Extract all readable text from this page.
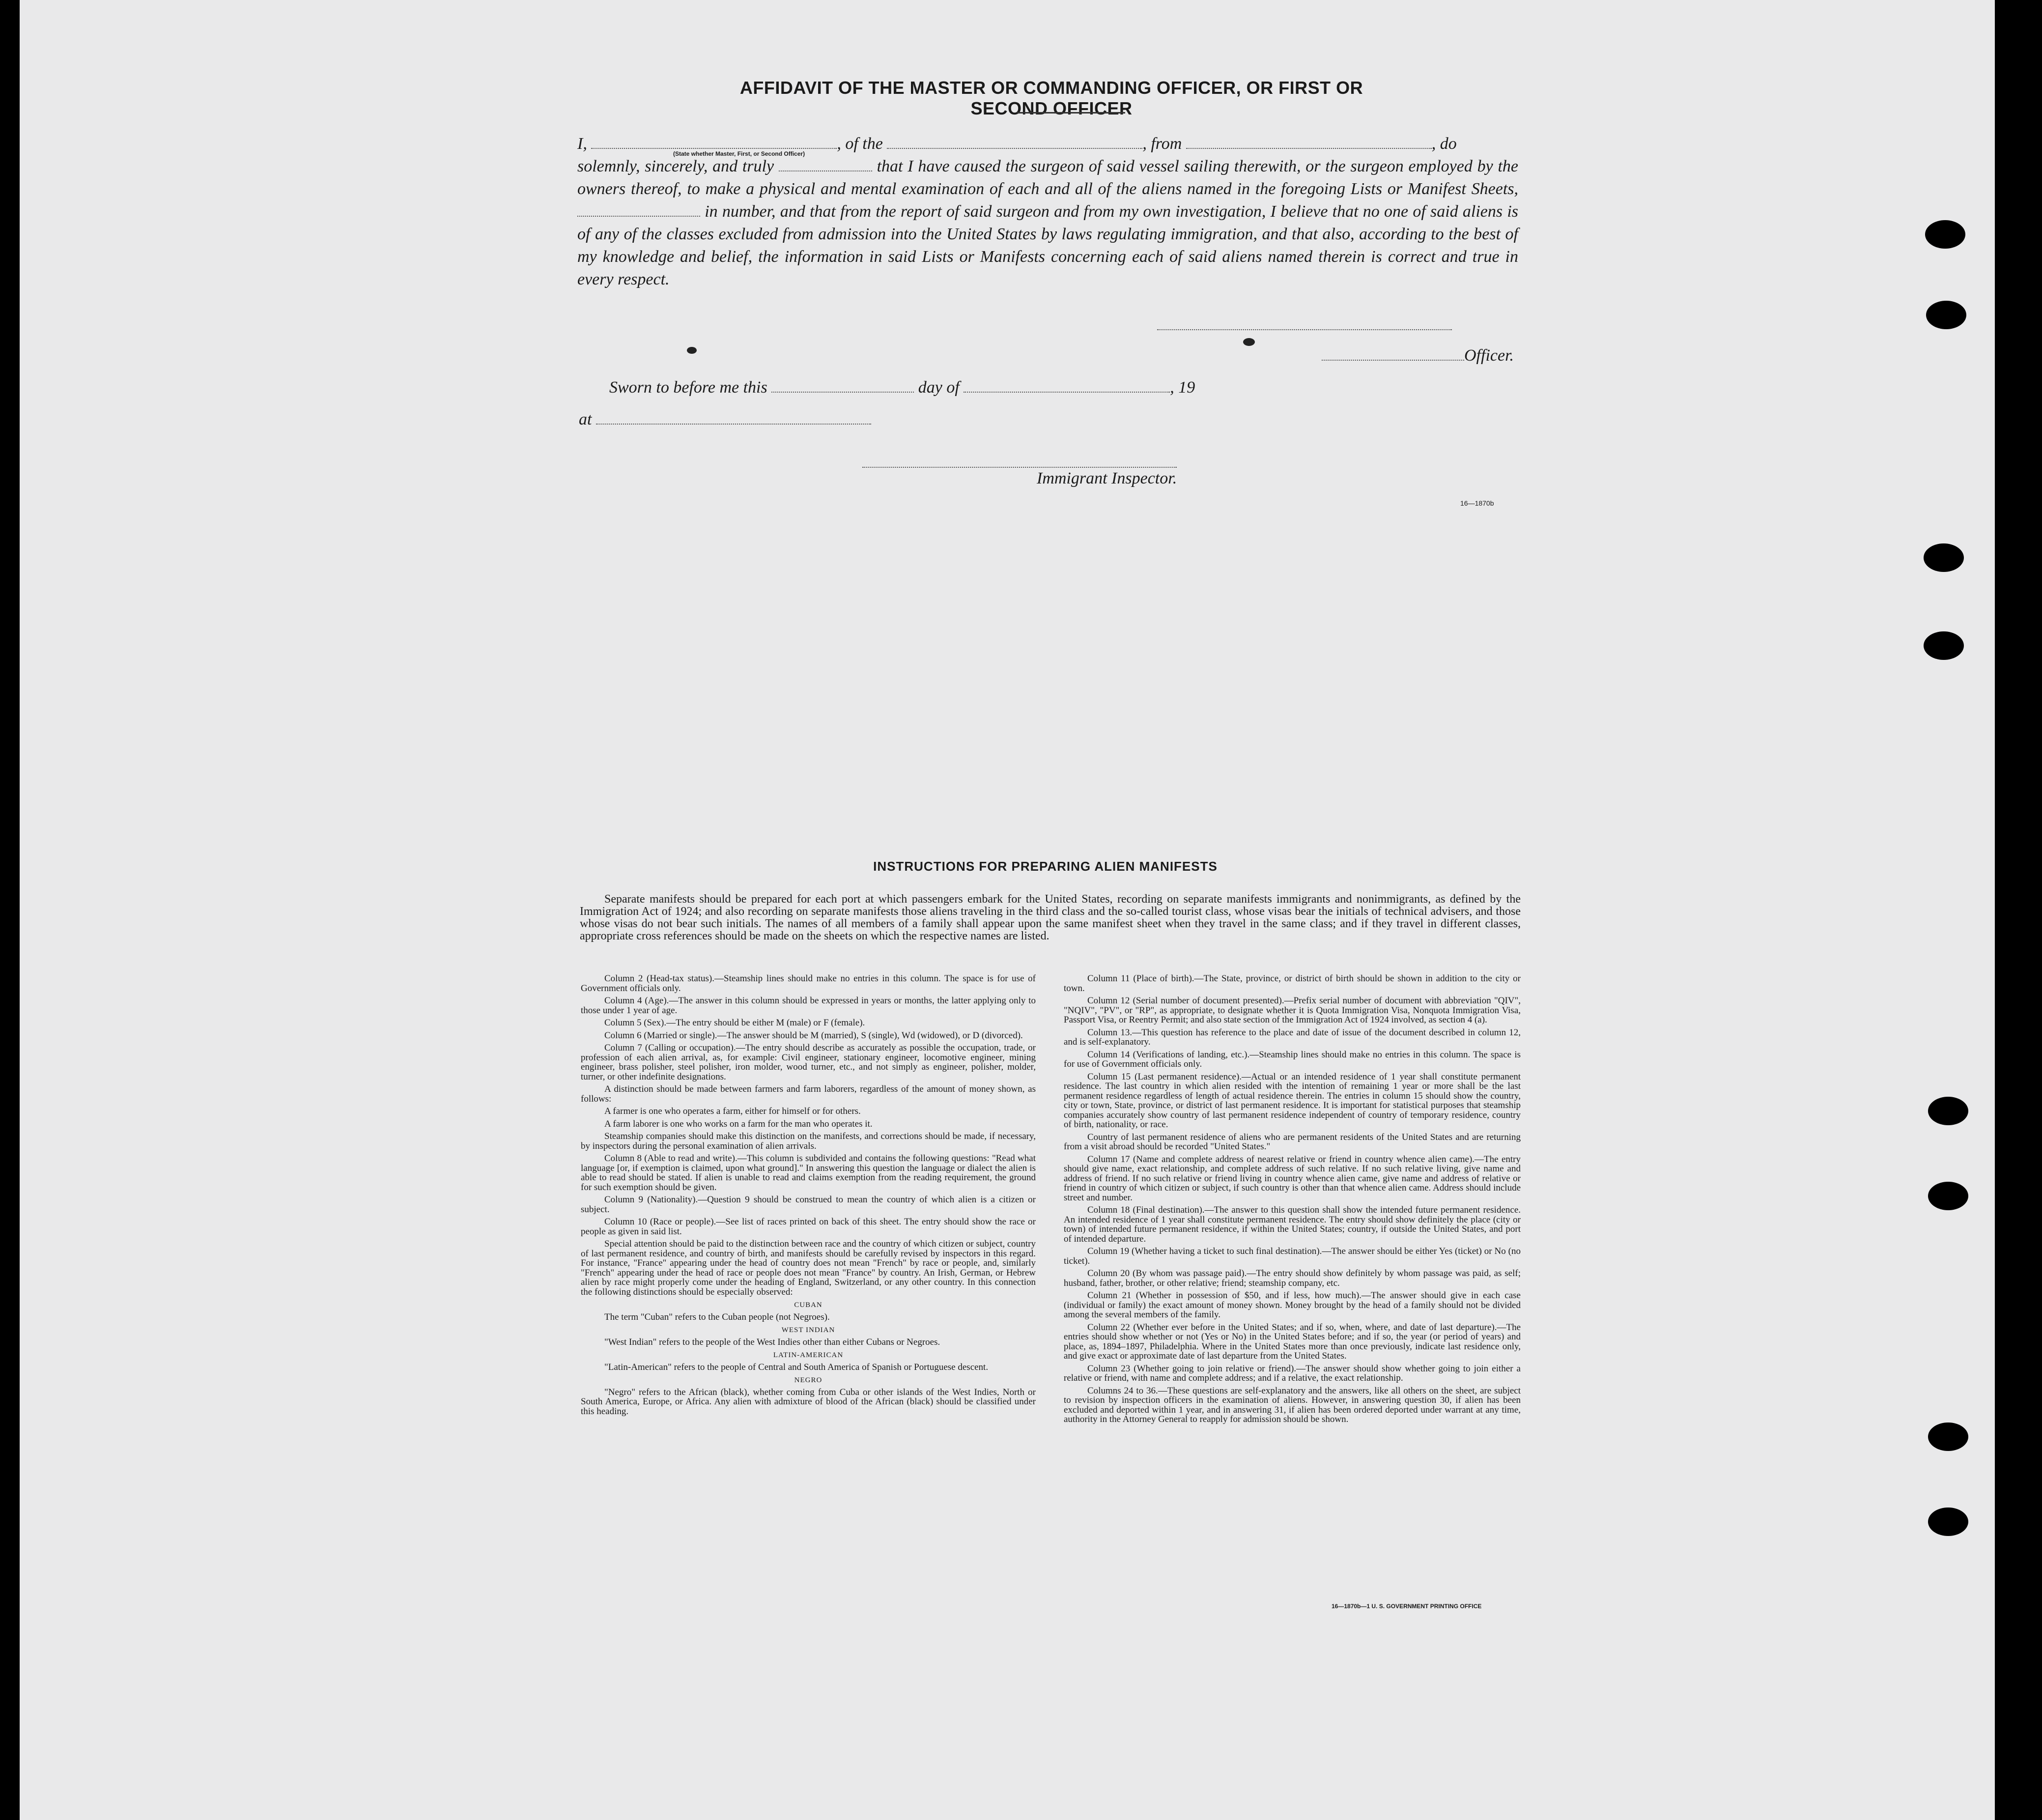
AFFIDAVIT OF THE MASTER OR COMMANDING OFFICER, OR FIRST OR SECOND OFFICER

I,	, of the	, from	, do

solemnly, sincerely, and truly	that I have caused the surgeon of said vessel sailing therewith, or the surgeon employed by the owners thereof, to make a physical and mental examination of each and all of the aliens named in the foregoing Lists or Manifest Sheets,  in number, and that from the report of said surgeon and from my own investigation, I believe that no one of said aliens is of any of the classes excluded from admission into the United States by laws regulating immigration, and that also, according to the best of my knowledge and belief, the information in said Lists or Manifests concerning each of said aliens named therein is correct and true in every respect.

(State whether Master, First, or Second Officer)
Officer.
Sworn to before me this	day of	, 19
at
Immigrant Inspector.
16—1870b
INSTRUCTIONS FOR PREPARING ALIEN MANIFESTS

Separate manifests should be prepared for each port at which passengers embark for the United States, recording on separate manifests immigrants and nonimmigrants, as defined by the Immigration Act of 1924; and also recording on separate manifests those aliens traveling in the third class and the so-called tourist class, whose visas bear the initials of technical advisers, and those whose visas do not bear such initials. The names of all members of a family shall appear upon the same manifest sheet when they travel in the same class; and if they travel in different classes, appropriate cross references should be made on the sheets on which the respective names are listed.

Column 2 (Head-tax status).—Steamship lines should make no entries in this column. The space is for use of Government officials only.

Column 4 (Age).—The answer in this column should be expressed in years or months, the latter applying only to those under 1 year of age.

Column 5 (Sex).—The entry should be either M (male) or F (female).

Column 6 (Married or single).—The answer should be M (married), S (single), Wd (widowed), or D (divorced).

Column 7 (Calling or occupation).—The entry should describe as accurately as possible the occupation, trade, or profession of each alien arrival, as, for example: Civil engineer, stationary engineer, locomotive engineer, mining engineer, brass polisher, steel polisher, iron molder, wood turner, etc., and not simply as engineer, polisher, molder, turner, or other indefinite designations.

A distinction should be made between farmers and farm laborers, regardless of the amount of money shown, as follows:

A farmer is one who operates a farm, either for himself or for others.

A farm laborer is one who works on a farm for the man who operates it.

Steamship companies should make this distinction on the manifests, and corrections should be made, if necessary, by inspectors during the personal examination of alien arrivals.

Column 8 (Able to read and write).—This column is subdivided and contains the following questions: "Read what language [or, if exemption is claimed, upon what ground]." In answering this question the language or dialect the alien is able to read should be stated. If alien is unable to read and claims exemption from the reading requirement, the ground for such exemption should be given.

Column 9 (Nationality).—Question 9 should be construed to mean the country of which alien is a citizen or subject.

Column 10 (Race or people).—See list of races printed on back of this sheet. The entry should show the race or people as given in said list.

Special attention should be paid to the distinction between race and the country of which citizen or subject, country of last permanent residence, and country of birth, and manifests should be carefully revised by inspectors in this regard. For instance, "France" appearing under the head of country does not mean "French" by race or people, and, similarly "French" appearing under the head of race or people does not mean "France" by country. An Irish, German, or Hebrew alien by race might properly come under the heading of England, Switzerland, or any other country. In this connection the following distinctions should be especially observed:

CUBAN

The term "Cuban" refers to the Cuban people (not Negroes).

WEST INDIAN

"West Indian" refers to the people of the West Indies other than either Cubans or Negroes.

LATIN-AMERICAN

"Latin-American" refers to the people of Central and South America of Spanish or Portuguese descent.

NEGRO

"Negro" refers to the African (black), whether coming from Cuba or other islands of the West Indies, North or South America, Europe, or Africa. Any alien with admixture of blood of the African (black) should be classified under this heading.

Column 11 (Place of birth).—The State, province, or district of birth should be shown in addition to the city or town.

Column 12 (Serial number of document presented).—Prefix serial number of document with abbreviation "QIV", "NQIV", "PV", or "RP", as appropriate, to designate whether it is Quota Immigration Visa, Nonquota Immigration Visa, Passport Visa, or Reentry Permit; and also state section of the Immigration Act of 1924 involved, as section 4 (a).

Column 13.—This question has reference to the place and date of issue of the document described in column 12, and is self-explanatory.

Column 14 (Verifications of landing, etc.).—Steamship lines should make no entries in this column. The space is for use of Government officials only.

Column 15 (Last permanent residence).—Actual or an intended residence of 1 year shall constitute permanent residence. The last country in which alien resided with the intention of remaining 1 year or more shall be the last permanent residence regardless of length of actual residence therein. The entries in column 15 should show the country, city or town, State, province, or district of last permanent residence. It is important for statistical purposes that steamship companies accurately show country of last permanent residence independent of country of temporary residence, country of birth, nationality, or race.

Country of last permanent residence of aliens who are permanent residents of the United States and are returning from a visit abroad should be recorded "United States."

Column 17 (Name and complete address of nearest relative or friend in country whence alien came).—The entry should give name, exact relationship, and complete address of such relative. If no such relative living, give name and address of friend. If no such relative or friend living in country whence alien came, give name and address of relative or friend in country of which citizen or subject, if such country is other than that whence alien came. Address should include street and number.

Column 18 (Final destination).—The answer to this question shall show the intended future permanent residence. An intended residence of 1 year shall constitute permanent residence. The entry should show definitely the place (city or town) of intended future permanent residence, if within the United States; country, if outside the United States, and port of intended departure.

Column 19 (Whether having a ticket to such final destination).—The answer should be either Yes (ticket) or No (no ticket).

Column 20 (By whom was passage paid).—The entry should show definitely by whom passage was paid, as self; husband, father, brother, or other relative; friend; steamship company, etc.

Column 21 (Whether in possession of $50, and if less, how much).—The answer should give in each case (individual or family) the exact amount of money shown. Money brought by the head of a family should not be divided among the several members of the family.

Column 22 (Whether ever before in the United States; and if so, when, where, and date of last departure).—The entries should show whether or not (Yes or No) in the United States before; and if so, the year (or period of years) and place, as, 1894–1897, Philadelphia. Where in the United States more than once previously, indicate last residence only, and give exact or approximate date of last departure from the United States.

Column 23 (Whether going to join relative or friend).—The answer should show whether going to join either a relative or friend, with name and complete address; and if a relative, the exact relationship.

Columns 24 to 36.—These questions are self-explanatory and the answers, like all others on the sheet, are subject to revision by inspection officers in the examination of aliens. However, in answering question 30, if alien has been excluded and deported within 1 year, and in answering 31, if alien has been ordered deported under warrant at any time, authority in the Attorney General to reapply for admission should be shown.

16—1870b—1 U. S. GOVERNMENT PRINTING OFFICE
